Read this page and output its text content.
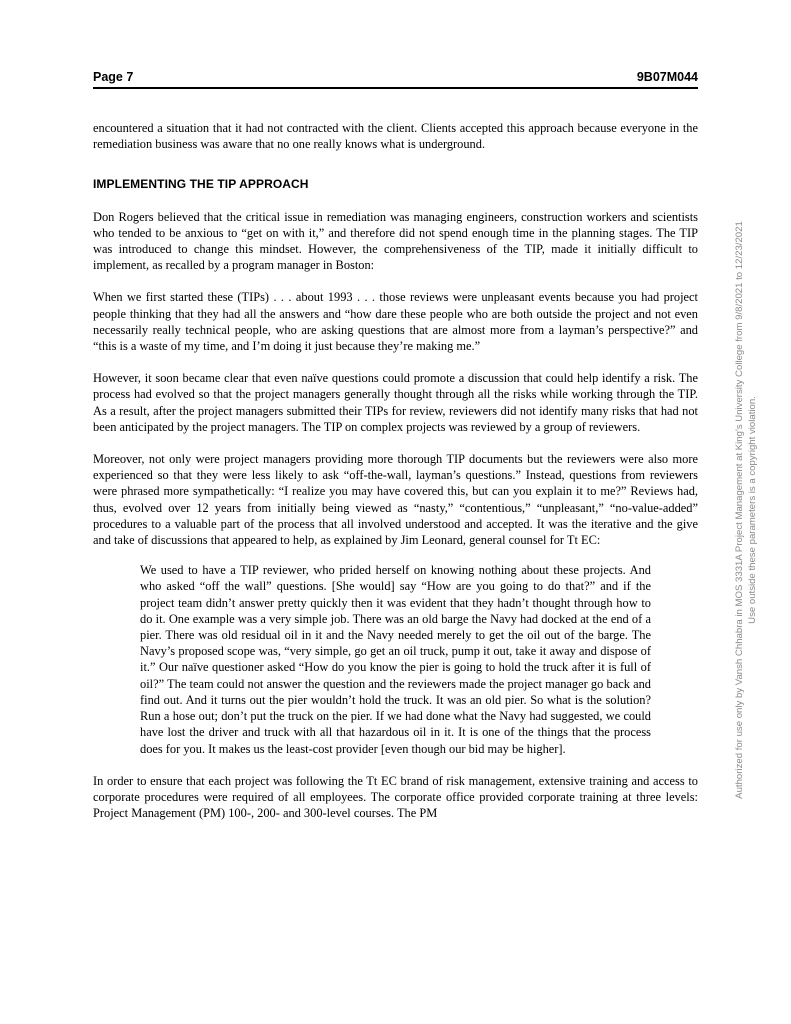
Page 7	9B07M044

encountered a situation that it had not contracted with the client. Clients accepted this approach because everyone in the remediation business was aware that no one really knows what is underground.

IMPLEMENTING THE TIP APPROACH

Don Rogers believed that the critical issue in remediation was managing engineers, construction workers and scientists who tended to be anxious to “get on with it,” and therefore did not spend enough time in the planning stages. The TIP was introduced to change this mindset. However, the comprehensiveness of the TIP, made it initially difficult to implement, as recalled by a program manager in Boston:

When we first started these (TIPs) . . . about 1993 . . . those reviews were unpleasant events because you had project people thinking that they had all the answers and “how dare these people who are both outside the project and not even necessarily really technical people, who are asking questions that are almost more from a layman’s perspective?” and “this is a waste of my time, and I’m doing it just because they’re making me.”

However, it soon became clear that even naïve questions could promote a discussion that could help identify a risk. The process had evolved so that the project managers generally thought through all the risks while working through the TIP. As a result, after the project managers submitted their TIPs for review, reviewers did not identify many risks that had not been anticipated by the project managers. The TIP on complex projects was reviewed by a group of reviewers.

Moreover, not only were project managers providing more thorough TIP documents but the reviewers were also more experienced so that they were less likely to ask “off-the-wall, layman’s questions.” Instead, questions from reviewers were phrased more sympathetically: “I realize you may have covered this, but can you explain it to me?” Reviews had, thus, evolved over 12 years from initially being viewed as “nasty,” “contentious,” “unpleasant,” “no-value-added” procedures to a valuable part of the process that all involved understood and accepted. It was the iterative and the give and take of discussions that appeared to help, as explained by Jim Leonard, general counsel for Tt EC:

We used to have a TIP reviewer, who prided herself on knowing nothing about these projects. And who asked “off the wall” questions. [She would] say “How are you going to do that?” and if the project team didn’t answer pretty quickly then it was evident that they hadn’t thought through how to do it. One example was a very simple job. There was an old barge the Navy had docked at the end of a pier. There was old residual oil in it and the Navy needed merely to get the oil out of the barge. The Navy’s proposed scope was, “very simple, go get an oil truck, pump it out, take it away and dispose of it.” Our naïve questioner asked “How do you know the pier is going to hold the truck after it is full of oil?” The team could not answer the question and the reviewers made the project manager go back and find out. And it turns out the pier wouldn’t hold the truck. It was an old pier. So what is the solution? Run a hose out; don’t put the truck on the pier. If we had done what the Navy had suggested, we could have lost the driver and truck with all that hazardous oil in it. It is one of the things that the process does for you. It makes us the least-cost provider [even though our bid may be higher].

In order to ensure that each project was following the Tt EC brand of risk management, extensive training and access to corporate procedures were required of all employees. The corporate office provided corporate training at three levels: Project Management (PM) 100-, 200- and 300-level courses. The PM

Authorized for use only by Vansh Chhabra in MOS 3331A Project Management at King's University College from 9/8/2021 to 12/23/2021 Use outside these parameters is a copyright violation.
